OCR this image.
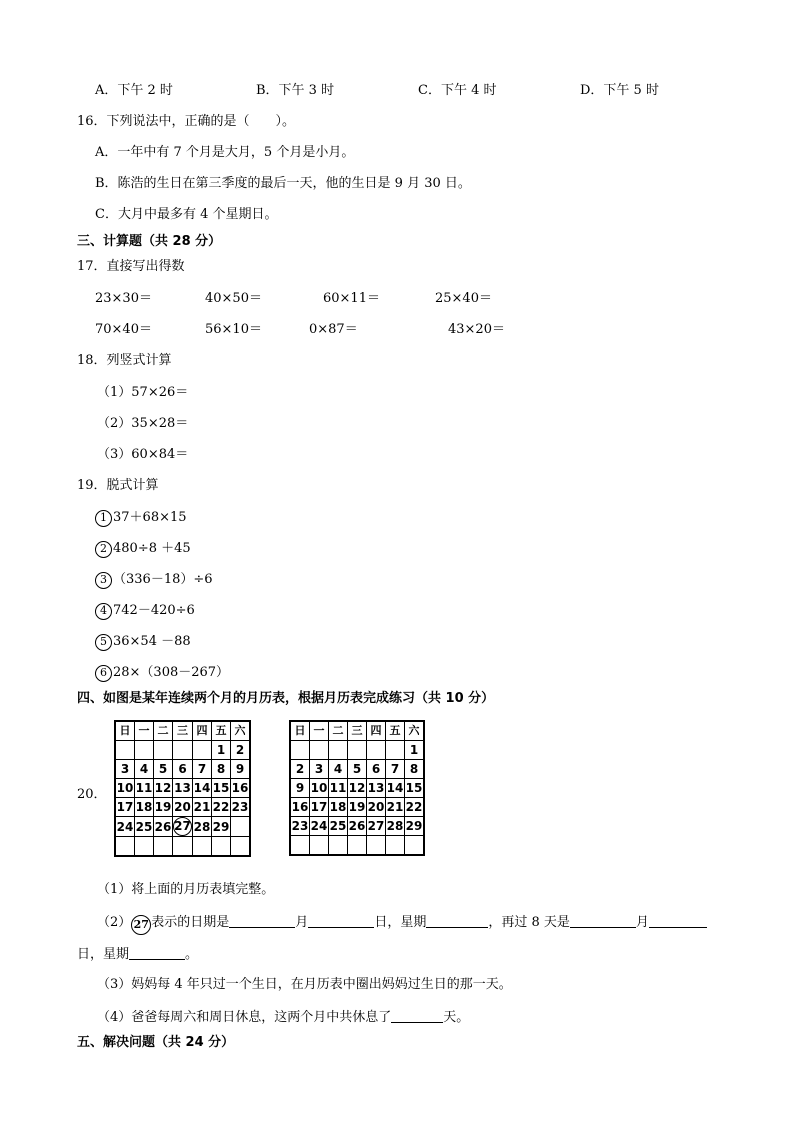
A．下午 2 时	B．下午 3 时	C．下午 4 时	D．下午 5 时
16．下列说法中，正确的是（　　）。
A．一年中有 7 个月是大月，5 个月是小月。
B．陈浩的生日在第三季度的最后一天，他的生日是 9 月 30 日。
C．大月中最多有 4 个星期日。
三、计算题（共 28 分）
17．直接写出得数
23×30＝	40×50＝	60×11＝	25×40＝
70×40＝	56×10＝	0×87＝	43×20＝
18．列竖式计算
（1）57×26＝
（2）35×28＝
（3）60×84＝
19．脱式计算
1 37＋68×15
2 480÷8 ＋45
3 （336－18）÷6
4 742－420÷6
5 36×54 －88
6 28×（308－267）
四、如图是某年连续两个月的月历表，根据月历表完成练习（共 10 分）
20．
日	一	二	三	四	五	六
					1	2
3	4	5	6	7	8	9
10	11	12	13	14	15	16
17	18	19	20	21	22	23
24	25	26	27	28	29	

日	一	二	三	四	五	六
						1
2	3	4	5	6	7	8
9	10	11	12	13	14	15
16	17	18	19	20	21	22
23	24	25	26	27	28	29

（1）将上面的月历表填完整。
（2） 27 表示的日期是	月	日，星期	，再过 8 天是	月
日，星期	。
（3）妈妈每 4 年只过一个生日，在月历表中圈出妈妈过生日的那一天。
（4）爸爸每周六和周日休息，这两个月中共休息了	天。
五、解决问题（共 24 分）
